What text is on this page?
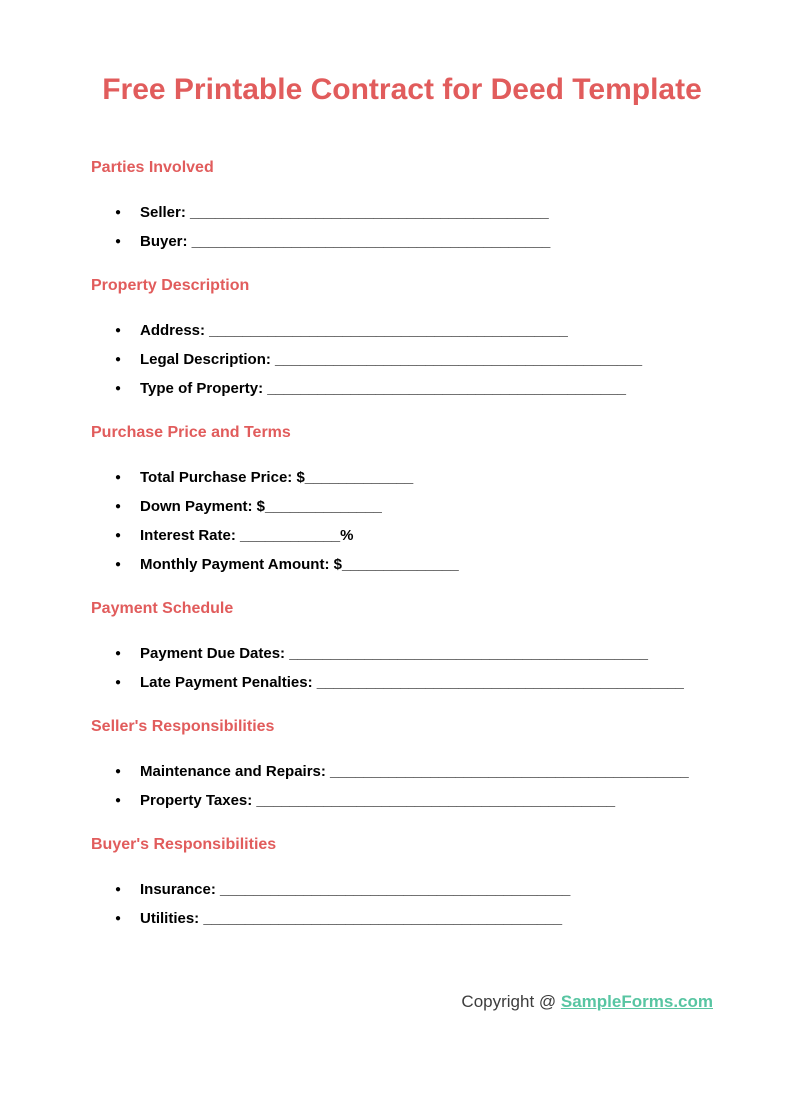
Free Printable Contract for Deed Template
Parties Involved
● Seller: ___________________________________________
● Buyer: ___________________________________________
Property Description
● Address: ___________________________________________
● Legal Description: ____________________________________________
● Type of Property: ___________________________________________
Purchase Price and Terms
● Total Purchase Price: $_____________
● Down Payment: $______________
● Interest Rate: ____________%
● Monthly Payment Amount: $______________
Payment Schedule
● Payment Due Dates: ___________________________________________
● Late Payment Penalties: ____________________________________________
Seller's Responsibilities
● Maintenance and Repairs: ___________________________________________
● Property Taxes: ___________________________________________
Buyer's Responsibilities
● Insurance: __________________________________________
● Utilities: ___________________________________________
Copyright @ SampleForms.com
